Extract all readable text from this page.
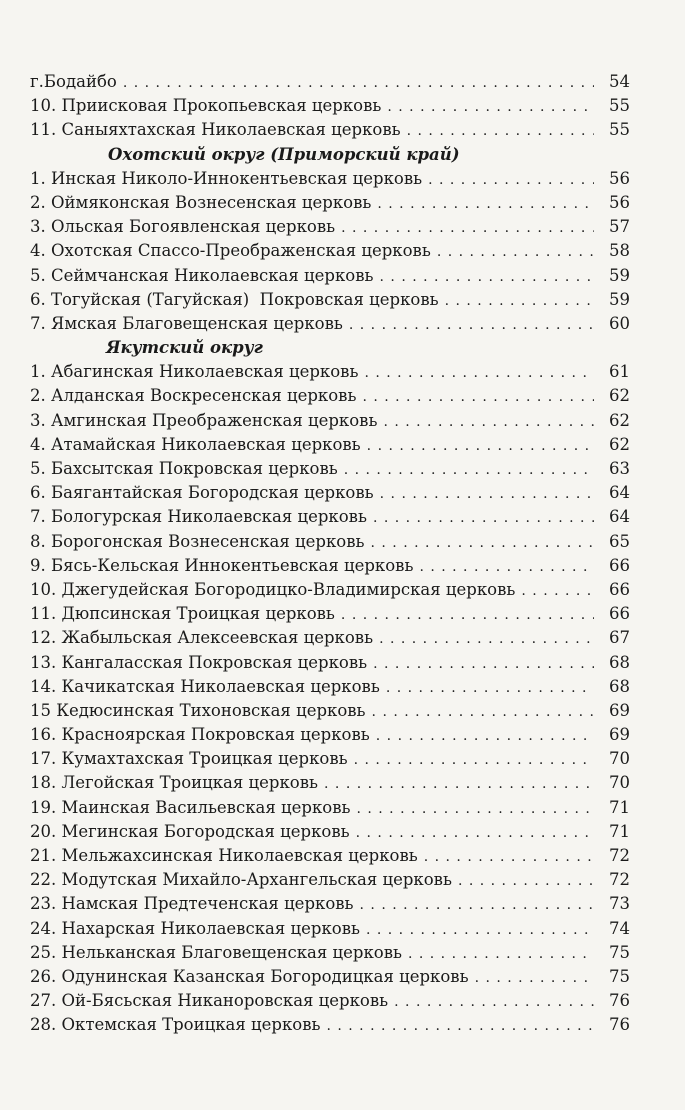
г.Бодайбо . . .	54
10. Приисковая Прокопьевская церковь . . .	55
11. Саныяхтахская Николаевская церковь . . .	55
Охотский округ (Приморский край)
1. Инская Николо-Иннокентьевская церковь . . .	56
2. Оймяконская Вознесенская церковь . . .	56
3. Ольская Богоявленская церковь . . .	57
4. Охотская Спассо-Преображенская церковь . . .	58
5. Сеймчанская Николаевская церковь . . .	59
6. Тогуйская (Тагуйская)  Покровская церковь . . .	59
7. Ямская Благовещенская церковь . . .	60
Якутский округ
1. Абагинская Николаевская церковь . . .	61
2. Алданская Воскресенская церковь . . .	62
3. Амгинская Преображенская церковь . . .	62
4. Атамайская Николаевская церковь . . .	62
5. Бахсытская Покровская церковь . . .	63
6. Баягантайская Богородская церковь . . .	64
7. Бологурская Николаевская церковь . . .	64
8. Борогонская Вознесенская церковь . . .	65
9. Бясь-Кельская Иннокентьевская церковь . . .	66
10. Джегудейская Богородицко-Владимирская церковь . . .	66
11. Дюпсинская Троицкая церковь . . .	66
12. Жабыльская Алексеевская церковь . . .	67
13. Кангаласская Покровская церковь . . .	68
14. Качикатская Николаевская церковь . . .	68
15 Кедюсинская Тихоновская церковь . . .	69
16. Красноярская Покровская церковь . . .	69
17. Кумахтахская Троицкая церковь . . .	70
18. Легойская Троицкая церковь . . .	70
19. Маинская Васильевская церковь . . .	71
20. Мегинская Богородская церковь . . .	71
21. Мельжахсинская Николаевская церковь . . .	72
22. Модутская Михайло-Архангельская церковь . . .	72
23. Намская Предтеченская церковь . . .	73
24. Нахарская Николаевская церковь . . .	74
25. Нельканская Благовещенская церковь . . .	75
26. Одунинская Казанская Богородицкая церковь . . .	75
27. Ой-Бясьская Никаноровская церковь . . .	76
28. Октемская Троицкая церковь . . .	76
